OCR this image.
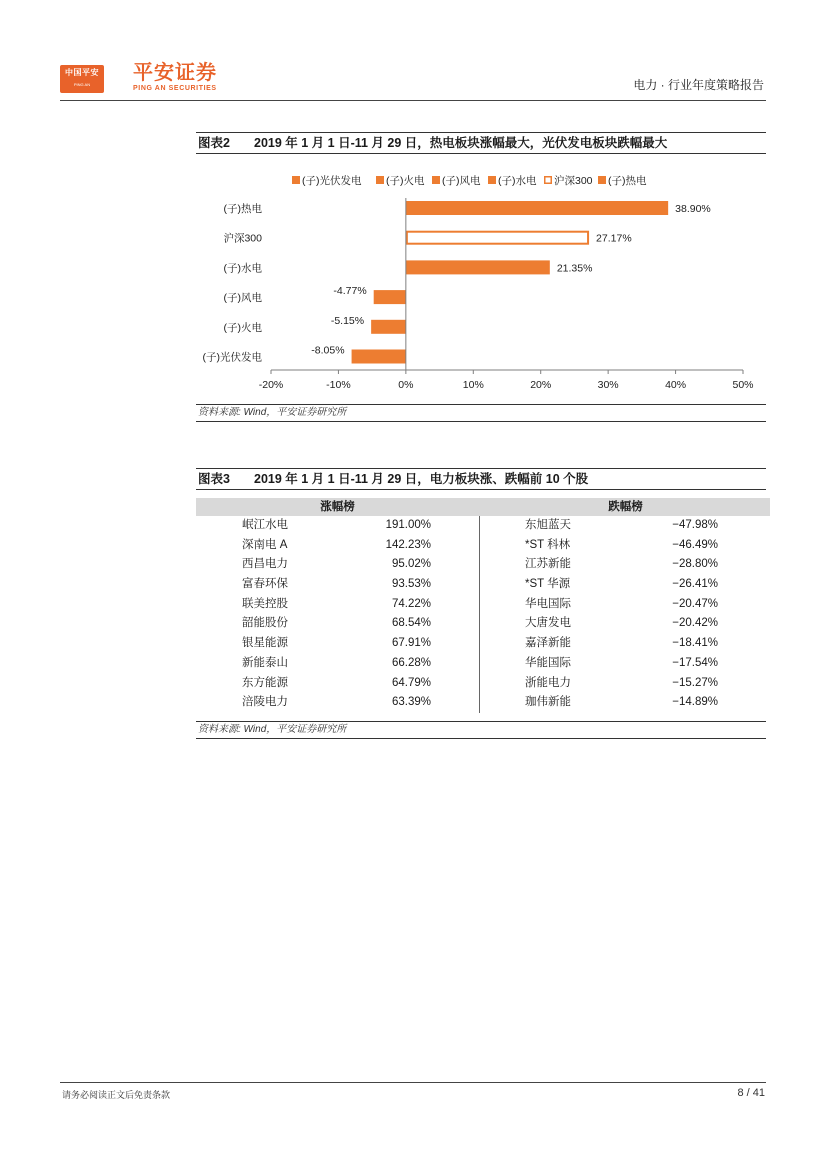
中国平安
PING AN
平安证券
PING AN SECURITIES	电力 · 行业年度策略报告
图表2 2019 年 1 月 1 日-11 月 29 日，热电板块涨幅最大，光伏发电板块跌幅最大
(子)光伏发电 (子)火电 (子)风电 (子)水电 沪深300 (子)热电
(子)热电	38.90%
沪深300	27.17%
(子)水电	21.35%
(子)风电
-4.77%
(子)火电
-5.15%
(子)光伏发电
-8.05%
-20%	-10%	0%	10%	20%	30%	40%	50%
资料来源: Wind，平安证券研究所
图表3 2019 年 1 月 1 日-11 月 29 日，电力板块涨、跌幅前 10 个股
涨幅榜	跌幅榜
岷江水电	191.00%	东旭蓝天	−47.98%
深南电 A	142.23%	*ST 科林	−46.49%
西昌电力	95.02%	江苏新能	−28.80%
富春环保	93.53%	*ST 华源	−26.41%
联美控股	74.22%	华电国际	−20.47%
韶能股份	68.54%	大唐发电	−20.42%
银星能源	67.91%	嘉泽新能	−18.41%
新能泰山	66.28%	华能国际	−17.54%
东方能源	64.79%	浙能电力	−15.27%
涪陵电力	63.39%	珈伟新能	−14.89%
资料来源: Wind，平安证券研究所
请务必阅读正文后免责条款	8 / 41
